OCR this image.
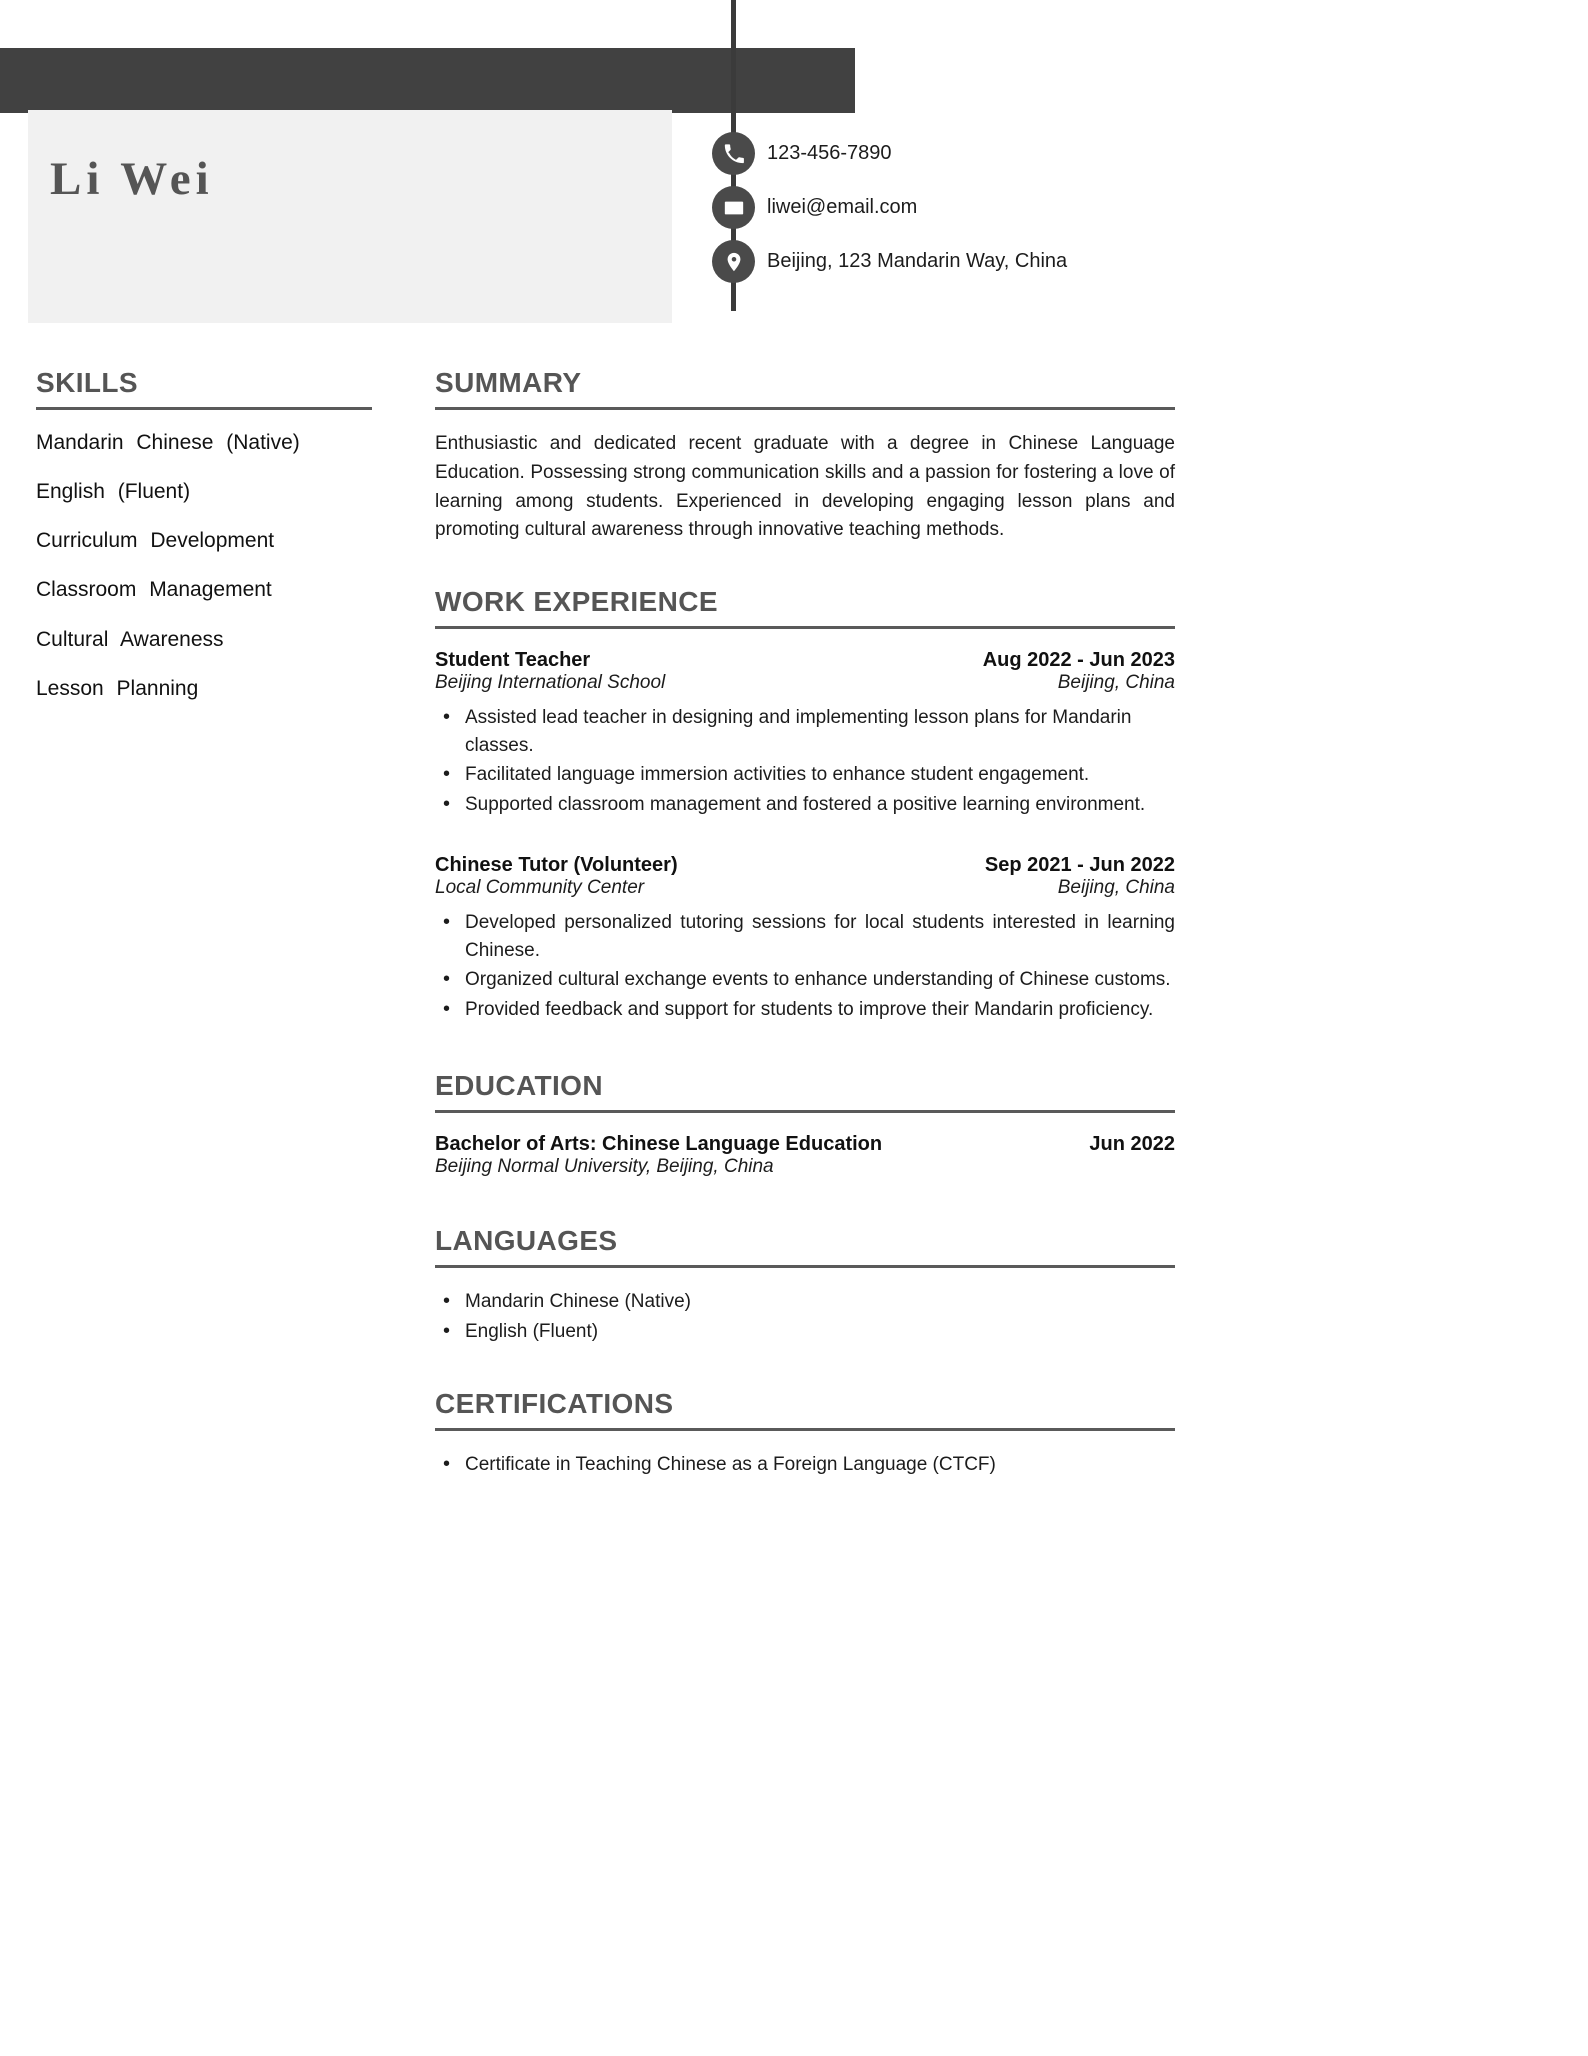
Li Wei	123-456-7890
liwei@email.com
Beijing, 123 Mandarin Way, China
SKILLS
Mandarin Chinese (Native)
English (Fluent)
Curriculum Development
Classroom Management
Cultural Awareness
Lesson Planning
SUMMARY
Enthusiastic and dedicated recent graduate with a degree in Chinese Language Education. Possessing strong communication skills and a passion for fostering a love of learning among students. Experienced in developing engaging lesson plans and promoting cultural awareness through innovative teaching methods.
WORK EXPERIENCE
Student Teacher	Aug 2022 - Jun 2023
Beijing International School	Beijing, China
• Assisted lead teacher in designing and implementing lesson plans for Mandarin classes.
• Facilitated language immersion activities to enhance student engagement.
• Supported classroom management and fostered a positive learning environment.
Chinese Tutor (Volunteer)	Sep 2021 - Jun 2022
Local Community Center	Beijing, China
• Developed personalized tutoring sessions for local students interested in learning Chinese.
• Organized cultural exchange events to enhance understanding of Chinese customs.
• Provided feedback and support for students to improve their Mandarin proficiency.
EDUCATION
Bachelor of Arts: Chinese Language Education	Jun 2022
Beijing Normal University, Beijing, China
LANGUAGES
• Mandarin Chinese (Native)
• English (Fluent)
CERTIFICATIONS
• Certificate in Teaching Chinese as a Foreign Language (CTCF)
